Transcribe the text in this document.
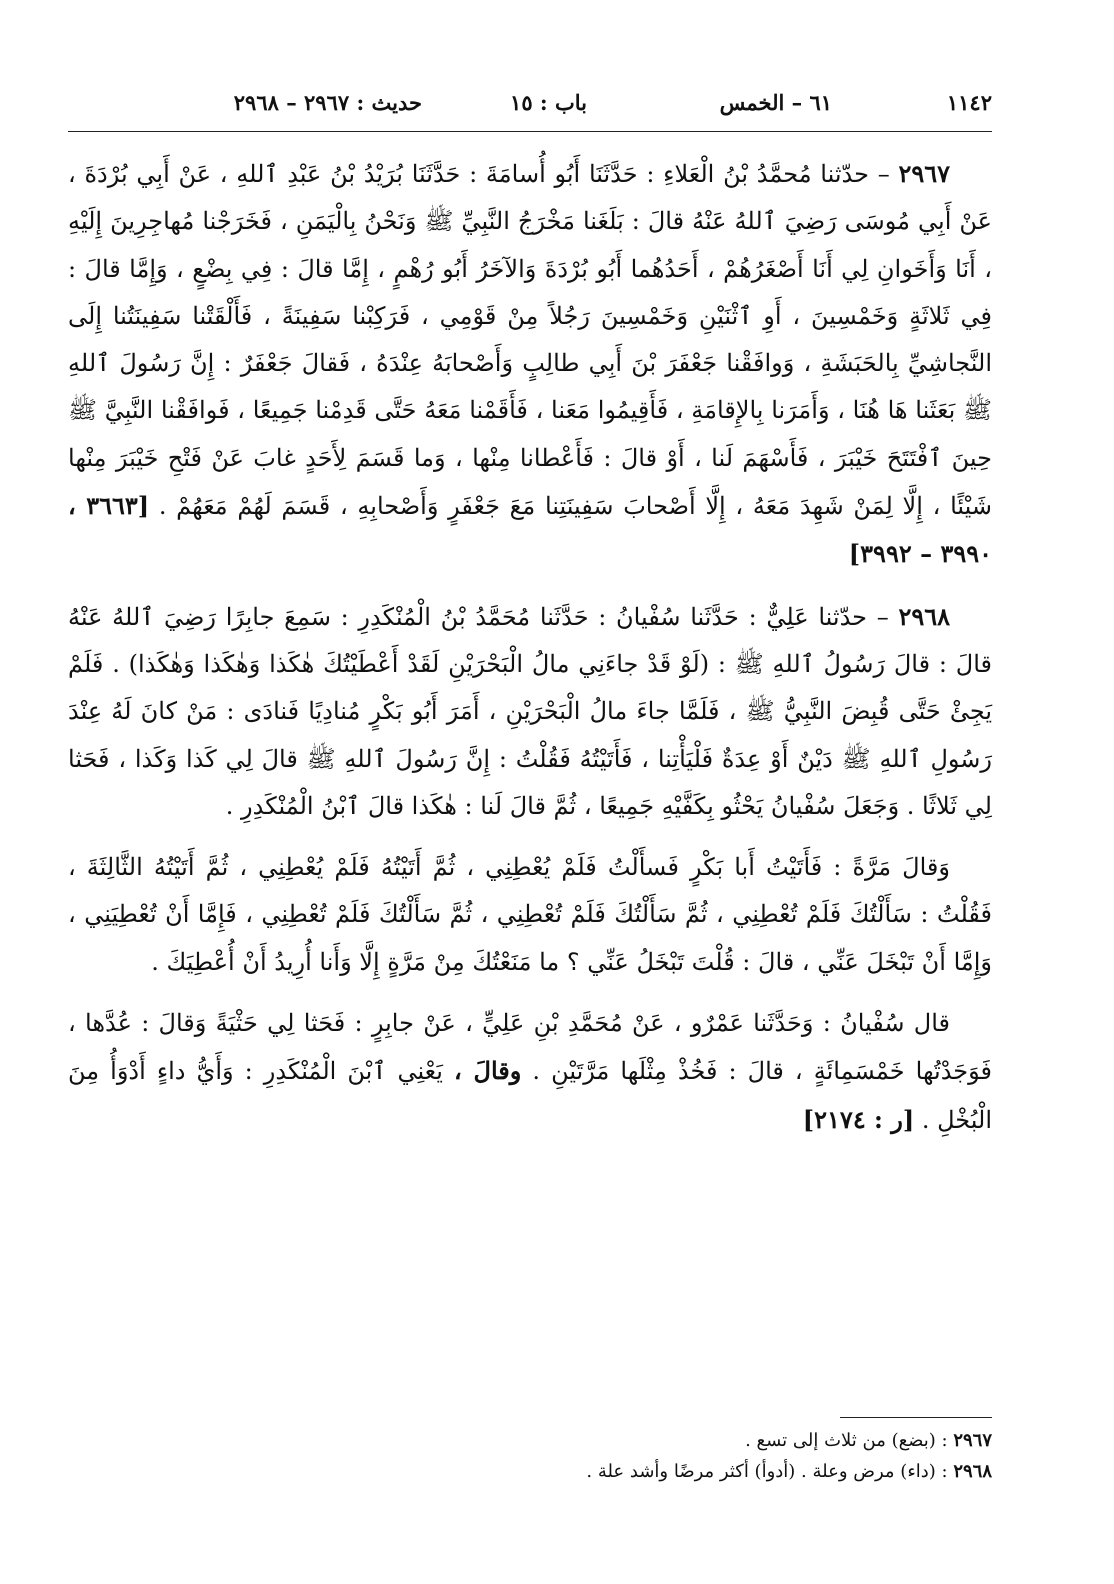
١١٤٢
٦١ – الخمس
باب : ١٥
حديث : ٢٩٦٧ – ٢٩٦٨

٢٩٦٧ – حدّثنا مُحمَّدُ بْنُ الْعَلاءِ : حَدَّثَنَا أَبُو أُسامَةَ : حَدَّثَنَا بُرَيْدُ بْنُ عَبْدِ ٱللهِ ، عَنْ أَبِي بُرْدَةَ ، عَنْ أَبِي مُوسَى رَضِيَ ٱللهُ عَنْهُ قالَ : بَلَغَنا مَخْرَجُ النَّبِيِّ ﷺ وَنَحْنُ بِالْيَمَنِ ، فَخَرَجْنا مُهاجِرِينَ إِلَيْهِ ، أَنَا وَأَخَوانِ لِي أَنَا أَصْغَرُهُمْ ، أَحَدُهُما أَبُو بُرْدَةَ وَالآخَرُ أَبُو رُهْمٍ ، إِمَّا قالَ : فِي بِضْعٍ ، وَإِمَّا قالَ : فِي ثَلاثَةٍ وَخَمْسِينَ ، أَوِ ٱثْنَيْنِ وَخَمْسِينَ رَجُلاً مِنْ قَوْمِي ، فَرَكِبْنا سَفِينَةً ، فَأَلْقَتْنا سَفِينَتُنا إِلَى النَّجاشِيِّ بِالحَبَشَةِ ، وَوافَقْنا جَعْفَرَ بْنَ أَبِي طالِبٍ وَأَصْحابَهُ عِنْدَهُ ، فَقالَ جَعْفَرٌ : إِنَّ رَسُولَ ٱللهِ ﷺ بَعَثَنا هَا هُنَا ، وَأَمَرَنا بِالإِقامَةِ ، فَأَقِيمُوا مَعَنا ، فَأَقَمْنا مَعَهُ حَتَّى قَدِمْنا جَمِيعًا ، فَوافَقْنا النَّبِيَّ ﷺ حِينَ ٱفْتَتَحَ خَيْبَرَ ، فَأَسْهَمَ لَنا ، أَوْ قالَ : فَأَعْطانا مِنْها ، وَما قَسَمَ لِأَحَدٍ غابَ عَنْ فَتْحِ خَيْبَرَ مِنْها شَيْئًا ، إِلَّا لِمَنْ شَهِدَ مَعَهُ ، إِلَّا أَصْحابَ سَفِينَتِنا مَعَ جَعْفَرٍ وَأَصْحابِهِ ، قَسَمَ لَهُمْ مَعَهُمْ . [٣٦٦٣ ، ٣٩٩٠ – ٣٩٩٢]

٢٩٦٨ – حدّثنا عَلِيٌّ : حَدَّثَنا سُفْيانُ : حَدَّثَنا مُحَمَّدُ بْنُ الْمُنْكَدِرِ : سَمِعَ جابِرًا رَضِيَ ٱللهُ عَنْهُ قالَ : قالَ رَسُولُ ٱللهِ ﷺ : (لَوْ قَدْ جاءَنِي مالُ الْبَحْرَيْنِ لَقَدْ أَعْطَيْتُكَ هٰكَذا وَهٰكَذا وَهٰكَذا) . فَلَمْ يَجِئْ حَتَّى قُبِضَ النَّبِيُّ ﷺ ، فَلَمَّا جاءَ مالُ الْبَحْرَيْنِ ، أَمَرَ أَبُو بَكْرٍ مُنادِيًا فَنادَى : مَنْ كانَ لَهُ عِنْدَ رَسُولِ ٱللهِ ﷺ دَيْنٌ أَوْ عِدَةٌ فَلْيَأْتِنا ، فَأَتَيْتُهُ فَقُلْتُ : إِنَّ رَسُولَ ٱللهِ ﷺ قالَ لِي كَذا وَكَذا ، فَحَثا لِي ثَلاثًا . وَجَعَلَ سُفْيانُ يَحْثُو بِكَفَّيْهِ جَمِيعًا ، ثُمَّ قالَ لَنا : هٰكَذا قالَ ٱبْنُ الْمُنْكَدِرِ .

وَقالَ مَرَّةً : فَأَتَيْتُ أَبا بَكْرٍ فَسأَلْتُ فَلَمْ يُعْطِنِي ، ثُمَّ أَتَيْتُهُ فَلَمْ يُعْطِنِي ، ثُمَّ أَتَيْتُهُ الثَّالِثَةَ ، فَقُلْتُ : سَأَلْتُكَ فَلَمْ تُعْطِنِي ، ثُمَّ سَأَلْتُكَ فَلَمْ تُعْطِنِي ، ثُمَّ سَأَلْتُكَ فَلَمْ تُعْطِنِي ، فَإِمَّا أَنْ تُعْطِيَنِي ، وَإِمَّا أَنْ تَبْخَلَ عَنِّي ، قالَ : قُلْتَ تَبْخَلُ عَنِّي ؟ ما مَنَعْتُكَ مِنْ مَرَّةٍ إِلَّا وَأَنا أُرِيدُ أَنْ أُعْطِيَكَ .

قال سُفْيانُ : وَحَدَّثَنا عَمْرٌو ، عَنْ مُحَمَّدِ بْنِ عَلِيٍّ ، عَنْ جابِرٍ : فَحَثا لِي حَثْيَةً وَقالَ : عُدَّها ، فَوَجَدْتُها خَمْسَمِائَةٍ ، قالَ : فَخُذْ مِثْلَها مَرَّتَيْنِ . وقالَ ، يَعْنِي ٱبْنَ الْمُنْكَدِرِ : وَأَيُّ داءٍ أَدْوَأُ مِنَ الْبُخْلِ . [ر : ٢١٧٤]

٢٩٦٧ : (بضع) من ثلاث إلى تسع .
٢٩٦٨ : (داء) مرض وعلة . (أدوأ) أكثر مرضًا وأشد علة .
